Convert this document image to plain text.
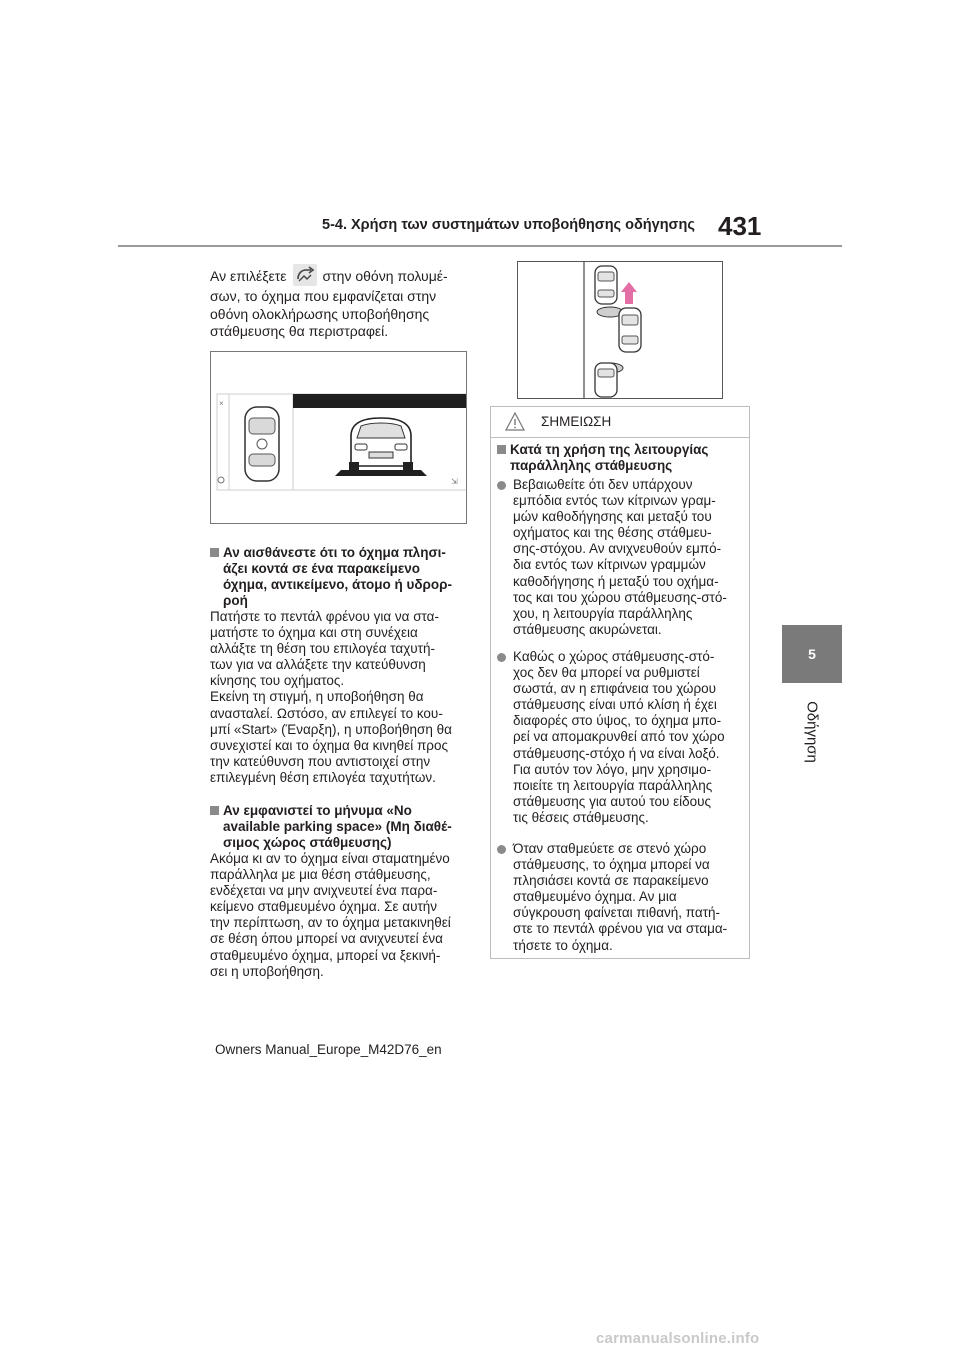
5-4. Χρήση των συστημάτων υποβοήθησης οδήγησης 431
5
Οδήγηση
Αν επιλέξετε	στην οθόνη πολυμέ-
σων, το όχημα που εμφανίζεται στην
οθόνη ολοκλήρωσης υποβοήθησης
στάθμευσης θα περιστραφεί.
×
⇲
Αν αισθάνεστε ότι το όχημα πλησι-
άζει κοντά σε ένα παρακείμενο
όχημα, αντικείμενο, άτομο ή υδρορ-
ροή
Πατήστε το πεντάλ φρένου για να στα-
ματήστε το όχημα και στη συνέχεια
αλλάξτε τη θέση του επιλογέα ταχυτή-
των για να αλλάξετε την κατεύθυνση
κίνησης του οχήματος.
Εκείνη τη στιγμή, η υποβοήθηση θα
ανασταλεί. Ωστόσο, αν επιλεγεί το κου-
μπί «Start» (Έναρξη), η υποβοήθηση θα
συνεχιστεί και το όχημα θα κινηθεί προς
την κατεύθυνση που αντιστοιχεί στην
επιλεγμένη θέση επιλογέα ταχυτήτων.
Αν εμφανιστεί το μήνυμα «No
available parking space» (Μη διαθέ-
σιμος χώρος στάθμευσης)
Ακόμα κι αν το όχημα είναι σταματημένο
παράλληλα με μια θέση στάθμευσης,
ενδέχεται να μην ανιχνευτεί ένα παρα-
κείμενο σταθμευμένο όχημα. Σε αυτήν
την περίπτωση, αν το όχημα μετακινηθεί
σε θέση όπου μπορεί να ανιχνευτεί ένα
σταθμευμένο όχημα, μπορεί να ξεκινή-
σει η υποβοήθηση.
ΣΗΜΕΙΩΣΗ
Κατά τη χρήση της λειτουργίας
παράλληλης στάθμευσης
Βεβαιωθείτε ότι δεν υπάρχουν
εμπόδια εντός των κίτρινων γραμ-
μών καθοδήγησης και μεταξύ του
οχήματος και της θέσης στάθμευ-
σης-στόχου. Αν ανιχνευθούν εμπό-
δια εντός των κίτρινων γραμμών
καθοδήγησης ή μεταξύ του οχήμα-
τος και του χώρου στάθμευσης-στό-
χου, η λειτουργία παράλληλης
στάθμευσης ακυρώνεται.
Καθώς ο χώρος στάθμευσης-στό-
χος δεν θα μπορεί να ρυθμιστεί
σωστά, αν η επιφάνεια του χώρου
στάθμευσης είναι υπό κλίση ή έχει
διαφορές στο ύψος, το όχημα μπο-
ρεί να απομακρυνθεί από τον χώρο
στάθμευσης-στόχο ή να είναι λοξό.
Για αυτόν τον λόγο, μην χρησιμο-
ποιείτε τη λειτουργία παράλληλης
στάθμευσης για αυτού του είδους
τις θέσεις στάθμευσης.
Όταν σταθμεύετε σε στενό χώρο
στάθμευσης, το όχημα μπορεί να
πλησιάσει κοντά σε παρακείμενο
σταθμευμένο όχημα. Αν μια
σύγκρουση φαίνεται πιθανή, πατή-
στε το πεντάλ φρένου για να σταμα-
τήσετε το όχημα.
Owners Manual_Europe_M42D76_en
carmanualsonline.info
